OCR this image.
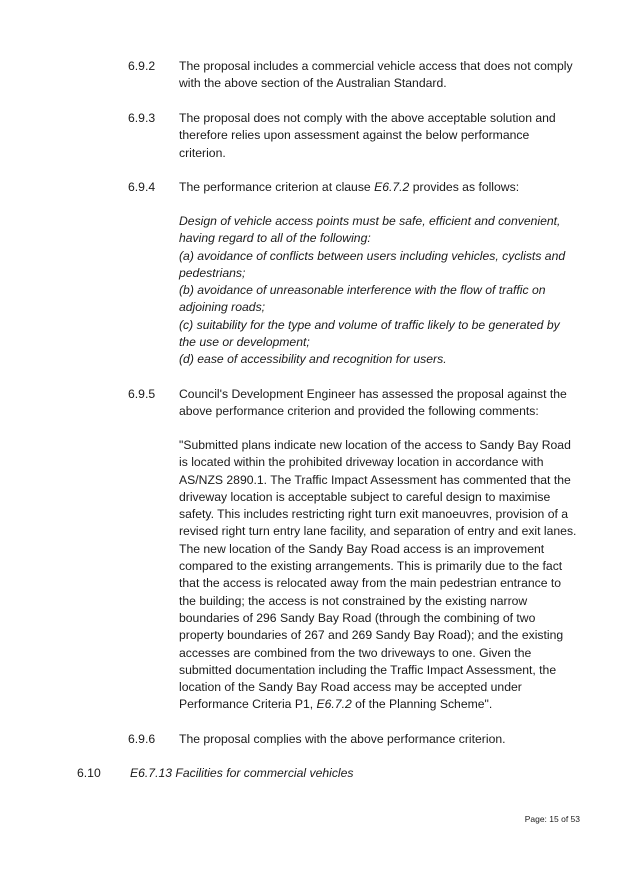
6.9.2 The proposal includes a commercial vehicle access that does not comply
with the above section of the Australian Standard.
6.9.3 The proposal does not comply with the above acceptable solution and
therefore relies upon assessment against the below performance
criterion.
6.9.4 The performance criterion at clause E6.7.2 provides as follows:
Design of vehicle access points must be safe, efficient and convenient,
having regard to all of the following:
(a) avoidance of conflicts between users including vehicles, cyclists and
pedestrians;
(b) avoidance of unreasonable interference with the flow of traffic on
adjoining roads;
(c) suitability for the type and volume of traffic likely to be generated by
the use or development;
(d) ease of accessibility and recognition for users.
6.9.5 Council's Development Engineer has assessed the proposal against the
above performance criterion and provided the following comments:
"Submitted plans indicate new location of the access to Sandy Bay Road
is located within the prohibited driveway location in accordance with
AS/NZS 2890.1. The Traffic Impact Assessment has commented that the
driveway location is acceptable subject to careful design to maximise
safety. This includes restricting right turn exit manoeuvres, provision of a
revised right turn entry lane facility, and separation of entry and exit lanes.
The new location of the Sandy Bay Road access is an improvement
compared to the existing arrangements. This is primarily due to the fact
that the access is relocated away from the main pedestrian entrance to
the building; the access is not constrained by the existing narrow
boundaries of 296 Sandy Bay Road (through the combining of two
property boundaries of 267 and 269 Sandy Bay Road); and the existing
accesses are combined from the two driveways to one. Given the
submitted documentation including the Traffic Impact Assessment, the
location of the Sandy Bay Road access may be accepted under
Performance Criteria P1, E6.7.2 of the Planning Scheme".
6.9.6 The proposal complies with the above performance criterion.
6.10 E6.7.13 Facilities for commercial vehicles
Page: 15 of 53
